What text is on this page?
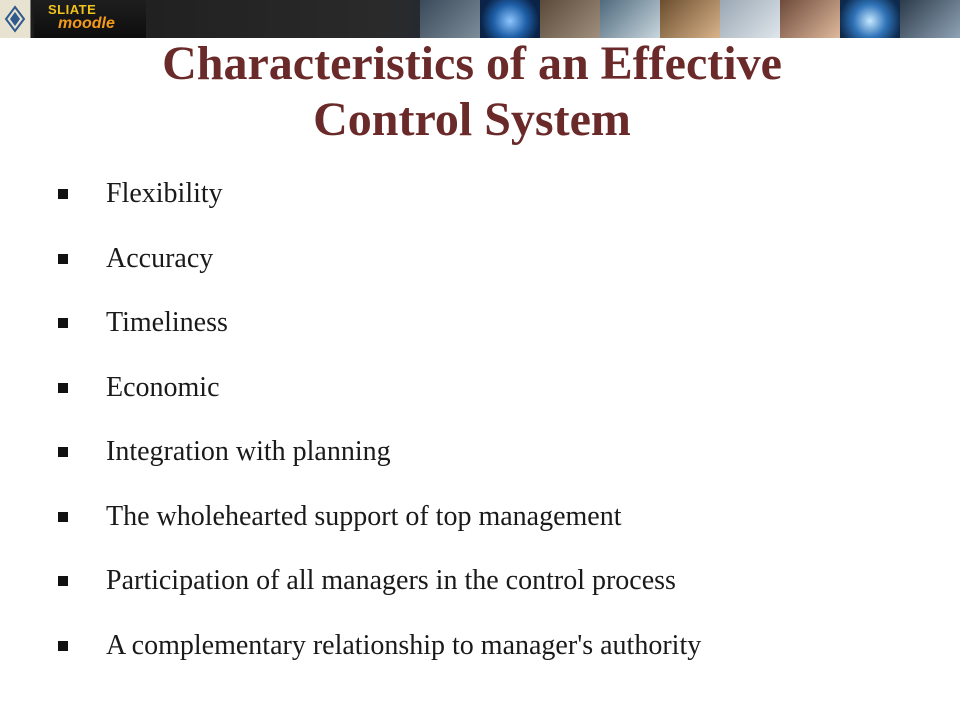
SLIATE
moodle
Characteristics of an Effective
Control System
Flexibility
Accuracy
Timeliness
Economic
Integration with planning
The wholehearted support of top management
Participation of all managers in the control process
A complementary relationship to manager's authority
